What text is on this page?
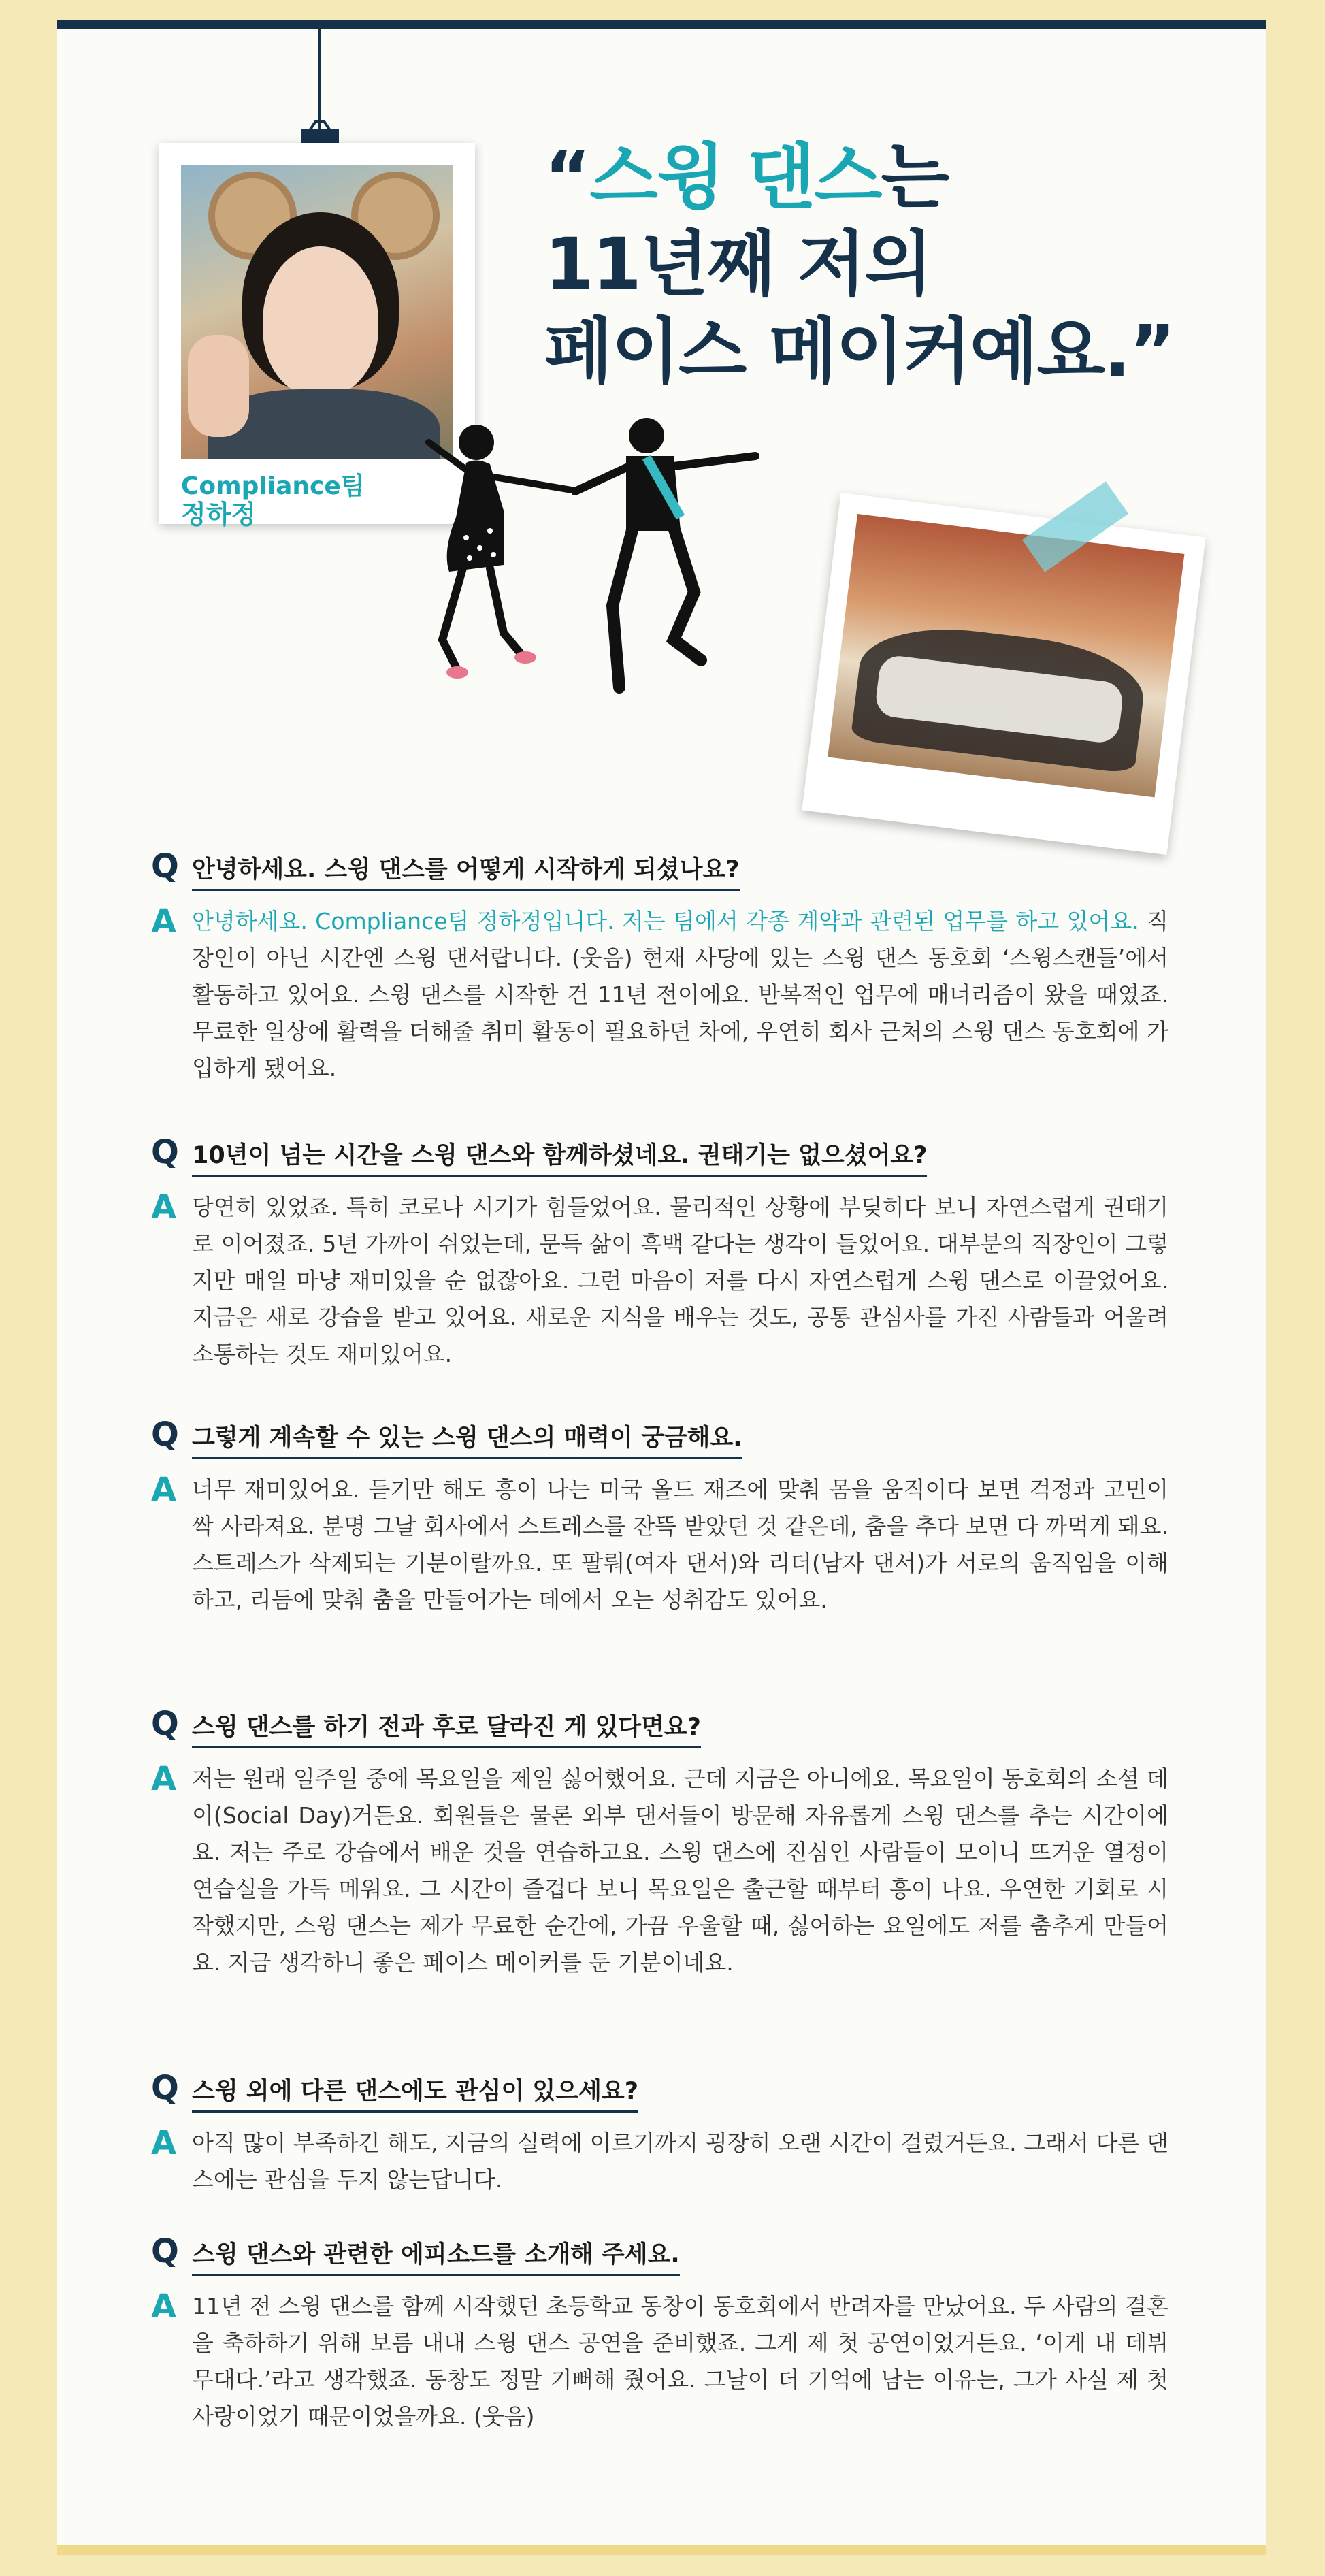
Compliance팀
정하정
“스윙 댄스는
11년째 저의
페이스 메이커예요.”
Q 안녕하세요. 스윙 댄스를 어떻게 시작하게 되셨나요?
A 안녕하세요. Compliance팀 정하정입니다. 저는 팀에서 각종 계약과 관련된 업무를 하고 있어요. 직장인이 아닌 시간엔 스윙 댄서랍니다. (웃음) 현재 사당에 있는 스윙 댄스 동호회 ‘스윙스캔들’에서 활동하고 있어요. 스윙 댄스를 시작한 건 11년 전이에요. 반복적인 업무에 매너리즘이 왔을 때였죠. 무료한 일상에 활력을 더해줄 취미 활동이 필요하던 차에, 우연히 회사 근처의 스윙 댄스 동호회에 가입하게 됐어요.
Q 10년이 넘는 시간을 스윙 댄스와 함께하셨네요. 권태기는 없으셨어요?
A 당연히 있었죠. 특히 코로나 시기가 힘들었어요. 물리적인 상황에 부딪히다 보니 자연스럽게 권태기로 이어졌죠. 5년 가까이 쉬었는데, 문득 삶이 흑백 같다는 생각이 들었어요. 대부분의 직장인이 그렇지만 매일 마냥 재미있을 순 없잖아요. 그런 마음이 저를 다시 자연스럽게 스윙 댄스로 이끌었어요. 지금은 새로 강습을 받고 있어요. 새로운 지식을 배우는 것도, 공통 관심사를 가진 사람들과 어울려 소통하는 것도 재미있어요.
Q 그렇게 계속할 수 있는 스윙 댄스의 매력이 궁금해요.
A 너무 재미있어요. 듣기만 해도 흥이 나는 미국 올드 재즈에 맞춰 몸을 움직이다 보면 걱정과 고민이 싹 사라져요. 분명 그날 회사에서 스트레스를 잔뜩 받았던 것 같은데, 춤을 추다 보면 다 까먹게 돼요. 스트레스가 삭제되는 기분이랄까요. 또 팔뤄(여자 댄서)와 리더(남자 댄서)가 서로의 움직임을 이해하고, 리듬에 맞춰 춤을 만들어가는 데에서 오는 성취감도 있어요.
Q 스윙 댄스를 하기 전과 후로 달라진 게 있다면요?
A 저는 원래 일주일 중에 목요일을 제일 싫어했어요. 근데 지금은 아니에요. 목요일이 동호회의 소셜 데이(Social Day)거든요. 회원들은 물론 외부 댄서들이 방문해 자유롭게 스윙 댄스를 추는 시간이에요. 저는 주로 강습에서 배운 것을 연습하고요. 스윙 댄스에 진심인 사람들이 모이니 뜨거운 열정이 연습실을 가득 메워요. 그 시간이 즐겁다 보니 목요일은 출근할 때부터 흥이 나요. 우연한 기회로 시작했지만, 스윙 댄스는 제가 무료한 순간에, 가끔 우울할 때, 싫어하는 요일에도 저를 춤추게 만들어요. 지금 생각하니 좋은 페이스 메이커를 둔 기분이네요.
Q 스윙 외에 다른 댄스에도 관심이 있으세요?
A 아직 많이 부족하긴 해도, 지금의 실력에 이르기까지 굉장히 오랜 시간이 걸렸거든요. 그래서 다른 댄스에는 관심을 두지 않는답니다.
Q 스윙 댄스와 관련한 에피소드를 소개해 주세요.
A 11년 전 스윙 댄스를 함께 시작했던 초등학교 동창이 동호회에서 반려자를 만났어요. 두 사람의 결혼을 축하하기 위해 보름 내내 스윙 댄스 공연을 준비했죠. 그게 제 첫 공연이었거든요. ‘이게 내 데뷔 무대다.’라고 생각했죠. 동창도 정말 기뻐해 줬어요. 그날이 더 기억에 남는 이유는, 그가 사실 제 첫사랑이었기 때문이었을까요. (웃음)
